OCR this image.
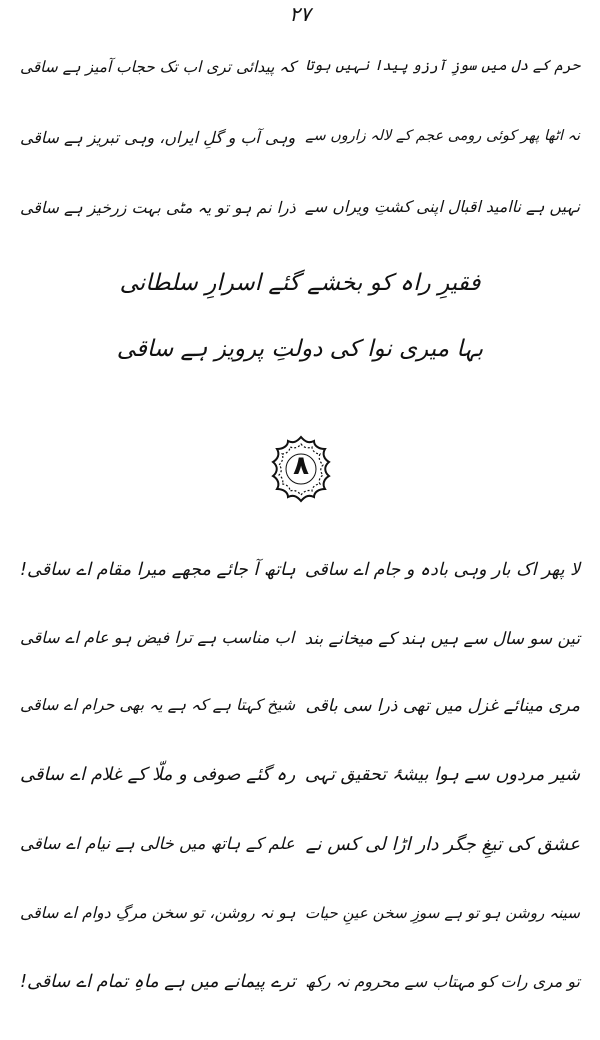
۲۷
حرم کے دل میں سوزِ آرزو پیدا نہیں ہوتا
کہ پیدائی تری اب تک حجاب آمیز ہے ساقی
نہ اٹھا پھر کوئی رومی عجم کے لالہ زاروں سے
وہی آب و گلِ ایراں، وہی تبریز ہے ساقی
نہیں ہے ناامید اقبال اپنی کشتِ ویراں سے
ذرا نم ہو تو یہ مٹی بہت زرخیز ہے ساقی
فقیرِ راہ کو بخشے گئے اسرارِ سلطانی
بہا میری نوا کی دولتِ پرویز ہے ساقی
۸
لا پھر اک بار وہی بادہ و جام اے ساقی
ہاتھ آ جائے مجھے میرا مقام اے ساقی!
تین سو سال سے ہیں ہند کے میخانے بند
اب مناسب ہے ترا فیض ہو عام اے ساقی
مری مینائے غزل میں تھی ذرا سی باقی
شیخ کہتا ہے کہ ہے یہ بھی حرام اے ساقی
شیر مردوں سے ہوا بیشۂ تحقیق تہی
رہ گئے صوفی و ملّا کے غلام اے ساقی
عشق کی تیغِ جگر دار اڑا لی کس نے
علم کے ہاتھ میں خالی ہے نیام اے ساقی
سینہ روشن ہو تو ہے سوزِ سخن عینِ حیات
ہو نہ روشن، تو سخن مرگِ دوام اے ساقی
تو مری رات کو مہتاب سے محروم نہ رکھ
ترے پیمانے میں ہے ماہِ تمام اے ساقی!
